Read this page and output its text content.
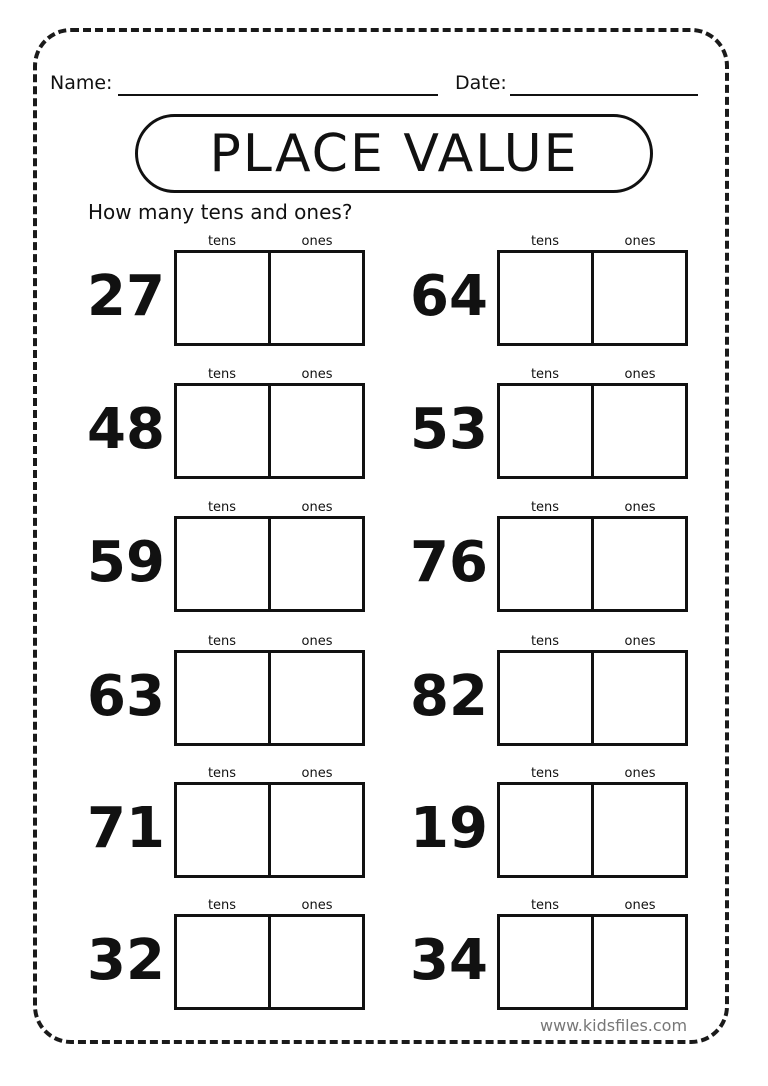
Name:	Date:
PLACE VALUE
How many tens and ones?
27
tens	ones
64
tens	ones
48
tens	ones
53
tens	ones
59
tens	ones
76
tens	ones
63
tens	ones
82
tens	ones
71
tens	ones
19
tens	ones
32
tens	ones
34
tens	ones
www.kidsfiles.com
